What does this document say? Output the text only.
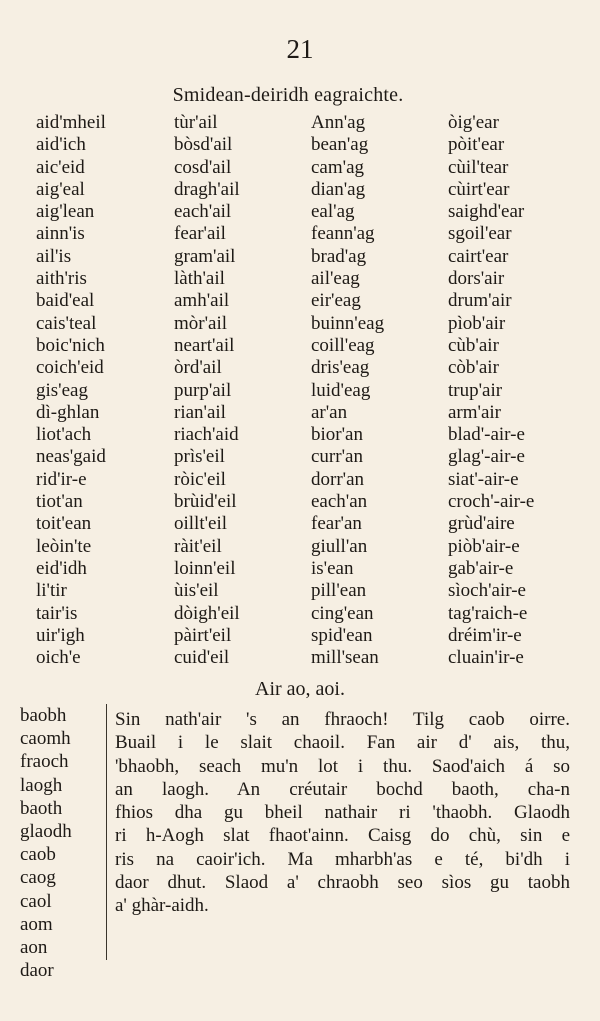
21
Smidean-deiridh eagraichte.
aid'mheil
aid'ich
aic'eid
aig'eal
aig'lean
ainn'is
ail'is
aith'ris
baid'eal
cais'teal
boic'nich
coich'eid
gis'eag
dì-ghlan
liot'ach
neas'gaid
rid'ir-e
tiot'an
toit'ean
leòin'te
eid'idh
li'tir
tair'is
uir'igh
oich'e
tùr'ail
bòsd'ail
cosd'ail
dragh'ail
each'ail
fear'ail
gram'ail
làth'ail
amh'ail
mòr'ail
neart'ail
òrd'ail
purp'ail
rian'ail
riach'aid
prìs'eil
ròic'eil
brùid'eil
oillt'eil
ràit'eil
loinn'eil
ùis'eil
dòigh'eil
pàirt'eil
cuid'eil
Ann'ag
bean'ag
cam'ag
dian'ag
eal'ag
feann'ag
brad'ag
ail'eag
eir'eag
buinn'eag
coill'eag
dris'eag
luid'eag
ar'an
bior'an
curr'an
dorr'an
each'an
fear'an
giull'an
is'ean
pill'ean
cing'ean
spid'ean
mill'sean
òig'ear
pòit'ear
cùil'tear
cùirt'ear
saighd'ear
sgoil'ear
cairt'ear
dors'air
drum'air
pìob'air
cùb'air
còb'air
trup'air
arm'air
blad'-air-e
glag'-air-e
siat'-air-e
croch'-air-e
grùd'aire
piòb'air-e
gab'air-e
sìoch'air-e
tag'raich-e
dréim'ir-e
cluain'ir-e
Air ao, aoi.
baobh
caomh
fraoch
laogh
baoth
glaodh
caob
caog
caol
aom
aon
daor
Sin nath'air 's an fhraoch! Tilg caob oirre.
Buail i le slait chaoil. Fan air d' ais, thu,
'bhaobh, seach mu'n lot i thu. Saod'aich á so
an laogh. An créutair bochd baoth, cha-n
fhios dha gu bheil nathair ri 'thaobh. Glaodh
ri h-Aogh slat fhaot'ainn. Caisg do chù, sin e
ris na caoir'ich. Ma mharbh'as e té, bi'dh i
daor dhut. Slaod a' chraobh seo sìos gu taobh
a' ghàr-aidh.
